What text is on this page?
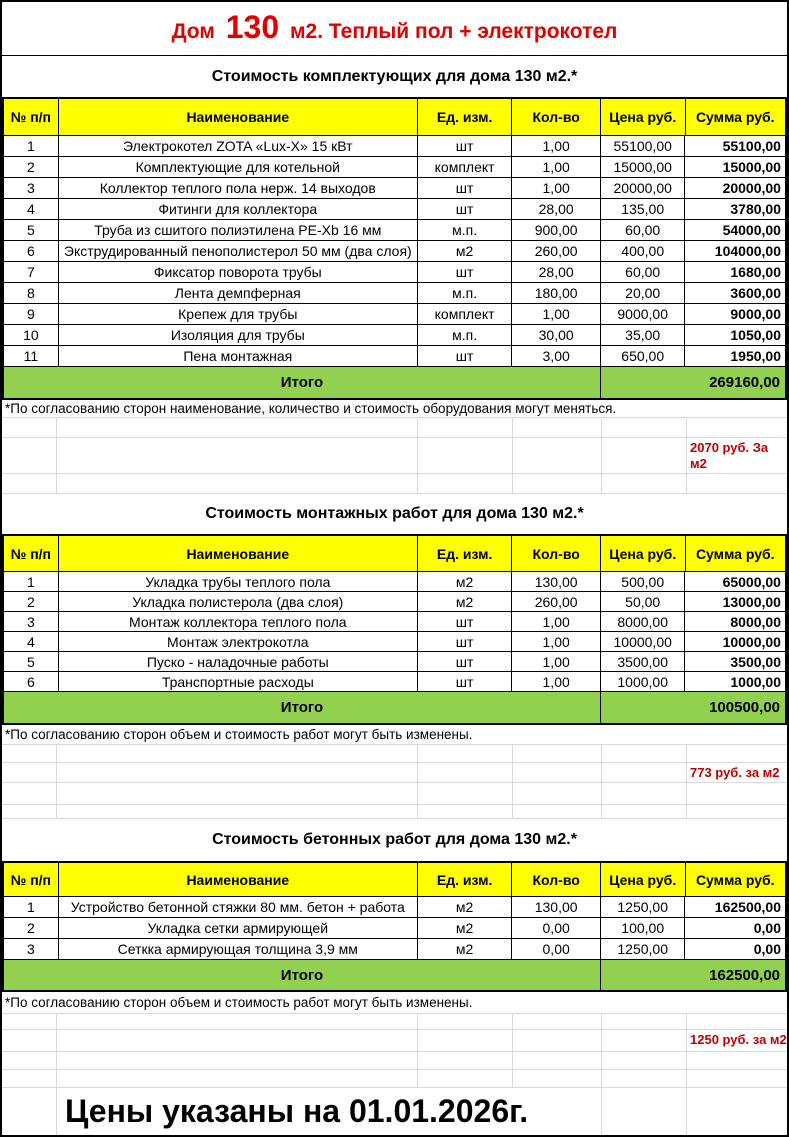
Дом 130 м2. Теплый пол + электрокотел
Стоимость комплектующих для дома 130 м2.*
№ п/п	Наименование	Ед. изм.	Кол-во	Цена руб.	Сумма руб.
1	Электрокотел ZOTA «Lux-X» 15 кВт	шт	1,00	55100,00	55100,00
2	Комплектующие для котельной	комплект	1,00	15000,00	15000,00
3	Коллектор теплого пола нерж. 14 выходов	шт	1,00	20000,00	20000,00
4	Фитинги для коллектора	шт	28,00	135,00	3780,00
5	Труба из сшитого полиэтилена PE-Xb 16 мм	м.п.	900,00	60,00	54000,00
6	Экструдированный пенополистерол 50 мм (два слоя)	м2	260,00	400,00	104000,00
7	Фиксатор поворота трубы	шт	28,00	60,00	1680,00
8	Лента демпферная	м.п.	180,00	20,00	3600,00
9	Крепеж для трубы	комплект	1,00	9000,00	9000,00
10	Изоляция для трубы	м.п.	30,00	35,00	1050,00
11	Пена монтажная	шт	3,00	650,00	1950,00
Итого	269160,00
*По согласованию сторон наименование, количество и стоимость оборудования могут меняться.
2070 руб. За м2
Стоимость монтажных работ для дома 130 м2.*
№ п/п	Наименование	Ед. изм.	Кол-во	Цена руб.	Сумма руб.
1	Укладка трубы теплого пола	м2	130,00	500,00	65000,00
2	Укладка полистерола (два слоя)	м2	260,00	50,00	13000,00
3	Монтаж коллектора теплого пола	шт	1,00	8000,00	8000,00
4	Монтаж электрокотла	шт	1,00	10000,00	10000,00
5	Пуско - наладочные работы	шт	1,00	3500,00	3500,00
6	Транспортные расходы	шт	1,00	1000,00	1000,00
Итого	100500,00
*По согласованию сторон объем и стоимость работ могут быть изменены.
773 руб. за м2
Стоимость бетонных работ для дома 130 м2.*
№ п/п	Наименование	Ед. изм.	Кол-во	Цена руб.	Сумма руб.
1	Устройство бетонной стяжки 80 мм. бетон + работа	м2	130,00	1250,00	162500,00
2	Укладка сетки армирующей	м2	0,00	100,00	0,00
3	Сеткка армирующая толщина 3,9 мм	м2	0,00	1250,00	0,00
Итого	162500,00
*По согласованию сторон объем и стоимость работ могут быть изменены.
1250 руб. за м2
Цены указаны на 01.01.2026г.
